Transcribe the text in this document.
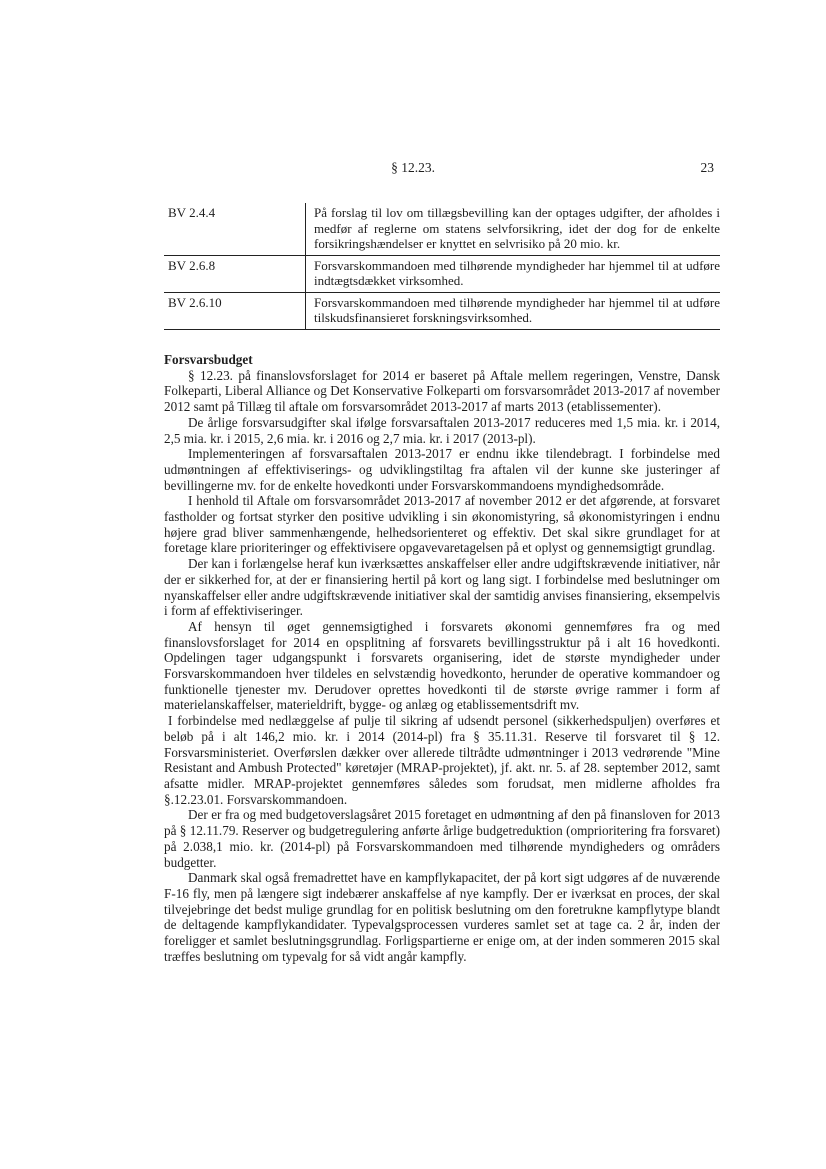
§ 12.23.	23
BV 2.4.4	På forslag til lov om tillægsbevilling kan der optages udgifter, der afholdes i medfør af reglerne om statens selvforsikring, idet der dog for de enkelte forsikringshændelser er knyttet en selvrisiko på 20 mio. kr.
BV 2.6.8	Forsvarskommandoen med tilhørende myndigheder har hjemmel til at udføre indtægtsdækket virksomhed.
BV 2.6.10	Forsvarskommandoen med tilhørende myndigheder har hjemmel til at udføre tilskudsfinansieret forskningsvirksomhed.
Forsvarsbudget

§ 12.23. på finanslovsforslaget for 2014 er baseret på Aftale mellem regeringen, Venstre, Dansk Folkeparti, Liberal Alliance og Det Konservative Folkeparti om forsvarsområdet 2013-2017 af november 2012 samt på Tillæg til aftale om forsvarsområdet 2013-2017 af marts 2013 (etablissementer).

De årlige forsvarsudgifter skal ifølge forsvarsaftalen 2013-2017 reduceres med 1,5 mia. kr. i 2014, 2,5 mia. kr. i 2015, 2,6 mia. kr. i 2016 og 2,7 mia. kr. i 2017 (2013-pl).

Implementeringen af forsvarsaftalen 2013-2017 er endnu ikke tilendebragt. I forbindelse med udmøntningen af effektiviserings- og udviklingstiltag fra aftalen vil der kunne ske justeringer af bevillingerne mv. for de enkelte hovedkonti under Forsvarskommandoens myndighedsområde.

I henhold til Aftale om forsvarsområdet 2013-2017 af november 2012 er det afgørende, at forsvaret fastholder og fortsat styrker den positive udvikling i sin økonomistyring, så økonomistyringen i endnu højere grad bliver sammenhængende, helhedsorienteret og effektiv. Det skal sikre grundlaget for at foretage klare prioriteringer og effektivisere opgavevaretagelsen på et oplyst og gennemsigtigt grundlag.

Der kan i forlængelse heraf kun iværksættes anskaffelser eller andre udgiftskrævende initiativer, når der er sikkerhed for, at der er finansiering hertil på kort og lang sigt. I forbindelse med beslutninger om nyanskaffelser eller andre udgiftskrævende initiativer skal der samtidig anvises finansiering, eksempelvis i form af effektiviseringer.

Af hensyn til øget gennemsigtighed i forsvarets økonomi gennemføres fra og med finanslovsforslaget for 2014 en opsplitning af forsvarets bevillingsstruktur på i alt 16 hovedkonti. Opdelingen tager udgangspunkt i forsvarets organisering, idet de største myndigheder under Forsvarskommandoen hver tildeles en selvstændig hovedkonto, herunder de operative kommandoer og funktionelle tjenester mv. Derudover oprettes hovedkonti til de største øvrige rammer i form af materielanskaffelser, materieldrift, bygge- og anlæg og etablissementsdrift mv.

I forbindelse med nedlæggelse af pulje til sikring af udsendt personel (sikkerhedspuljen) overføres et beløb på i alt 146,2 mio. kr. i 2014 (2014-pl) fra § 35.11.31. Reserve til forsvaret til § 12. Forsvarsministeriet. Overførslen dækker over allerede tiltrådte udmøntninger i 2013 vedrørende "Mine Resistant and Ambush Protected" køretøjer (MRAP-projektet), jf. akt. nr. 5. af 28. september 2012, samt afsatte midler. MRAP-projektet gennemføres således som forudsat, men midlerne afholdes fra §.12.23.01. Forsvarskommandoen.

Der er fra og med budgetoverslagsåret 2015 foretaget en udmøntning af den på finansloven for 2013 på § 12.11.79. Reserver og budgetregulering anførte årlige budgetreduktion (omprioritering fra forsvaret) på 2.038,1 mio. kr. (2014-pl) på Forsvarskommandoen med tilhørende myndigheders og områders budgetter.

Danmark skal også fremadrettet have en kampflykapacitet, der på kort sigt udgøres af de nuværende F-16 fly, men på længere sigt indebærer anskaffelse af nye kampfly. Der er iværksat en proces, der skal tilvejebringe det bedst mulige grundlag for en politisk beslutning om den foretrukne kampflytype blandt de deltagende kampflykandidater. Typevalgsprocessen vurderes samlet set at tage ca. 2 år, inden der foreligger et samlet beslutningsgrundlag. Forligspartierne er enige om, at der inden sommeren 2015 skal træffes beslutning om typevalg for så vidt angår kampfly.
